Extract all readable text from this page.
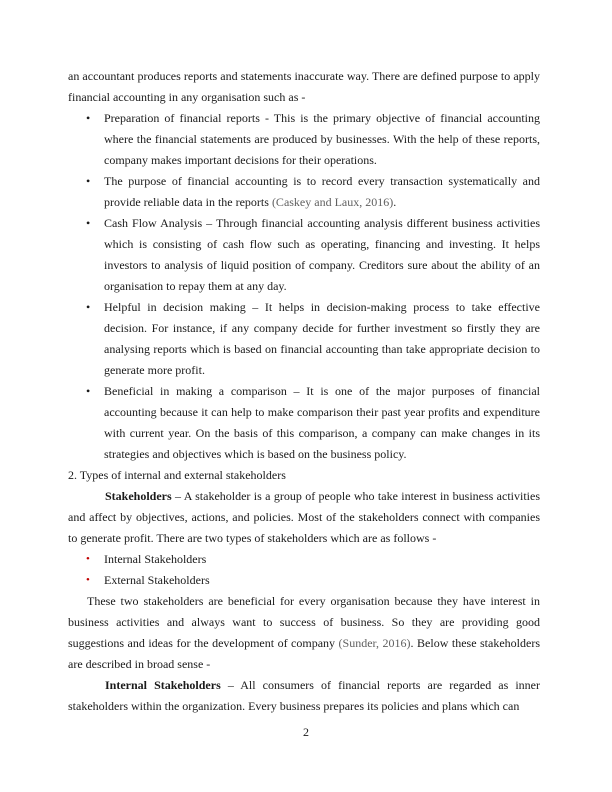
an accountant produces reports and statements inaccurate way. There are defined purpose to apply financial accounting in any organisation such as -
•	Preparation of financial reports - This is the primary objective of financial accounting where the financial statements are produced by businesses. With the help of these reports, company makes important decisions for their operations.
•	The purpose of financial accounting is to record every transaction systematically and provide reliable data in the reports (Caskey and Laux, 2016).
•	Cash Flow Analysis – Through financial accounting analysis different business activities which is consisting of cash flow such as operating, financing and investing. It helps investors to analysis of liquid position of company. Creditors sure about the ability of an organisation to repay them at any day.
•	Helpful in decision making – It helps in decision-making process to take effective decision. For instance, if any company decide for further investment so firstly they are analysing reports which is based on financial accounting than take appropriate decision to generate more profit.
•	Beneficial in making a comparison – It is one of the major purposes of financial accounting because it can help to make comparison their past year profits and expenditure with current year. On the basis of this comparison, a company can make changes in its strategies and objectives which is based on the business policy.
2. Types of internal and external stakeholders
Stakeholders – A stakeholder is a group of people who take interest in business activities and affect by objectives, actions, and policies. Most of the stakeholders connect with companies to generate profit. There are two types of stakeholders which are as follows -
•	Internal Stakeholders
•	External Stakeholders
These two stakeholders are beneficial for every organisation because they have interest in business activities and always want to success of business. So they are providing good suggestions and ideas for the development of company (Sunder, 2016). Below these stakeholders are described in broad sense -
Internal Stakeholders – All consumers of financial reports are regarded as inner stakeholders within the organization. Every business prepares its policies and plans which can
2
